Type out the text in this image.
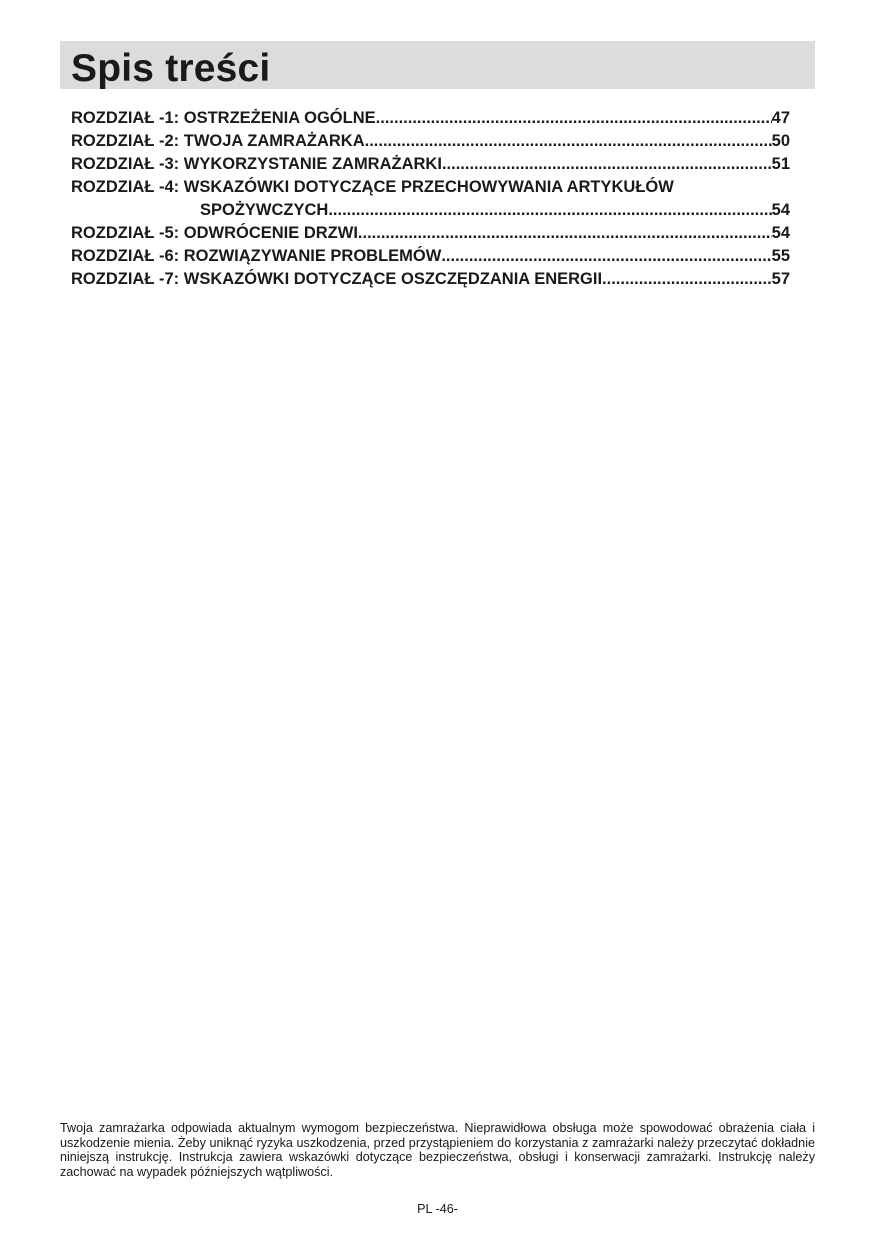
Spis treści
ROZDZIAŁ -1: OSTRZEŻENIA OGÓLNE .....	47
ROZDZIAŁ -2: TWOJA ZAMRAŻARKA .....	50
ROZDZIAŁ -3: WYKORZYSTANIE ZAMRAŻARKI .....	51
ROZDZIAŁ -4: WSKAZÓWKI DOTYCZĄCE PRZECHOWYWANIA ARTYKUŁÓW
SPOŻYWCZYCH .....	54
ROZDZIAŁ -5: ODWRÓCENIE DRZWI .....	54
ROZDZIAŁ -6: ROZWIĄZYWANIE PROBLEMÓW .....	55
ROZDZIAŁ -7: WSKAZÓWKI DOTYCZĄCE OSZCZĘDZANIA ENERGII .....	57

Twoja zamrażarka odpowiada aktualnym wymogom bezpieczeństwa. Nieprawidłowa obsługa może spowodować obrażenia ciała i uszkodzenie mienia. Żeby uniknąć ryzyka uszkodzenia, przed przystąpieniem do korzystania z zamrażarki należy przeczytać dokładnie niniejszą instrukcję. Instrukcja zawiera wskazówki dotyczące bezpieczeństwa, obsługi i konserwacji zamrażarki. Instrukcję należy zachować na wypadek późniejszych wątpliwości.

PL -46-
